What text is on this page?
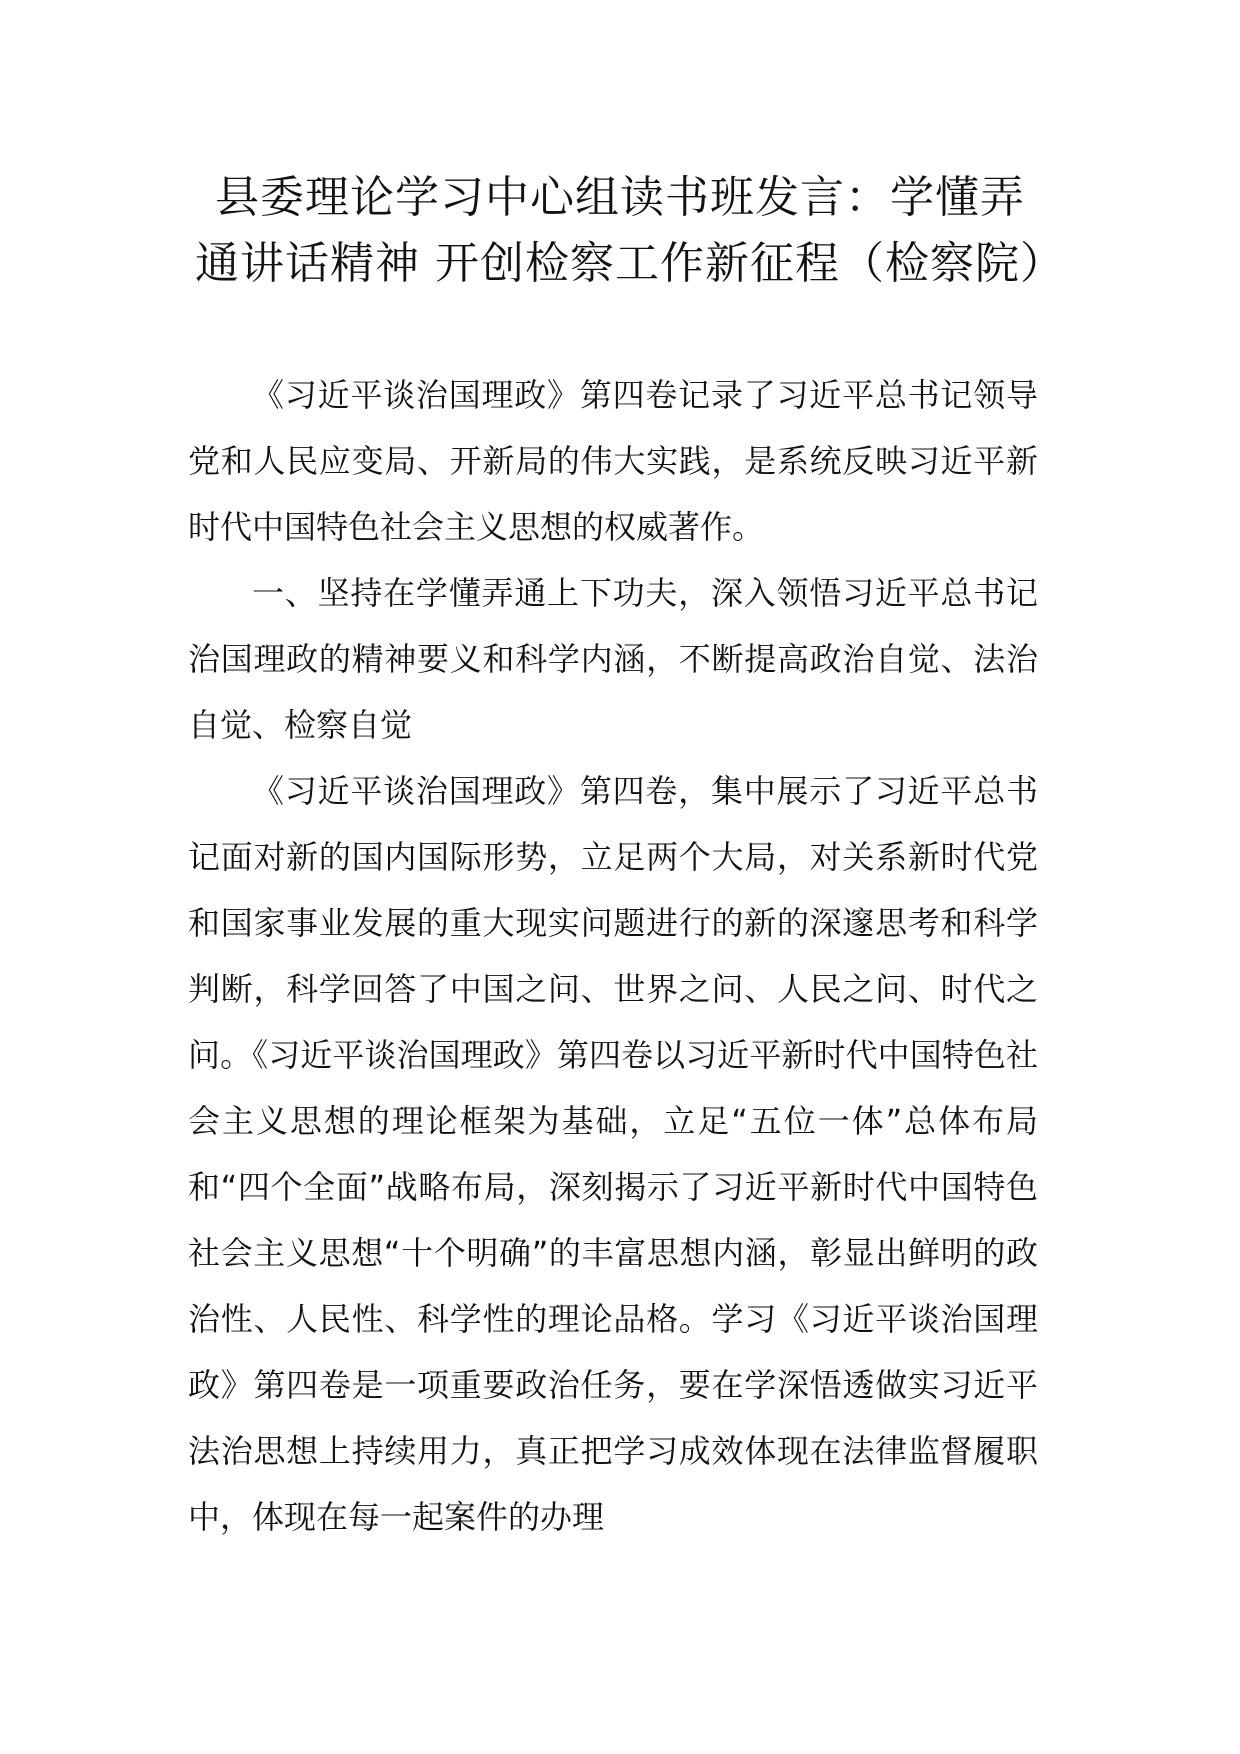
县委理论学习中心组读书班发言：学懂弄通讲话精神 开创检察工作新征程（检察院）

《习近平谈治国理政》第四卷记录了习近平总书记领导党和人民应变局、开新局的伟大实践，是系统反映习近平新时代中国特色社会主义思想的权威著作。

一、坚持在学懂弄通上下功夫，深入领悟习近平总书记治国理政的精神要义和科学内涵，不断提高政治自觉、法治自觉、检察自觉

《习近平谈治国理政》第四卷，集中展示了习近平总书记面对新的国内国际形势，立足两个大局，对关系新时代党和国家事业发展的重大现实问题进行的新的深邃思考和科学判断，科学回答了中国之问、世界之问、人民之问、时代之问。《习近平谈治国理政》第四卷以习近平新时代中国特色社会主义思想的理论框架为基础，立足“五位一体”总体布局和“四个全面”战略布局，深刻揭示了习近平新时代中国特色社会主义思想“十个明确”的丰富思想内涵，彰显出鲜明的政治性、人民性、科学性的理论品格。学习《习近平谈治国理政》第四卷是一项重要政治任务，要在学深悟透做实习近平法治思想上持续用力，真正把学习成效体现在法律监督履职中，体现在每一起案件的办理
